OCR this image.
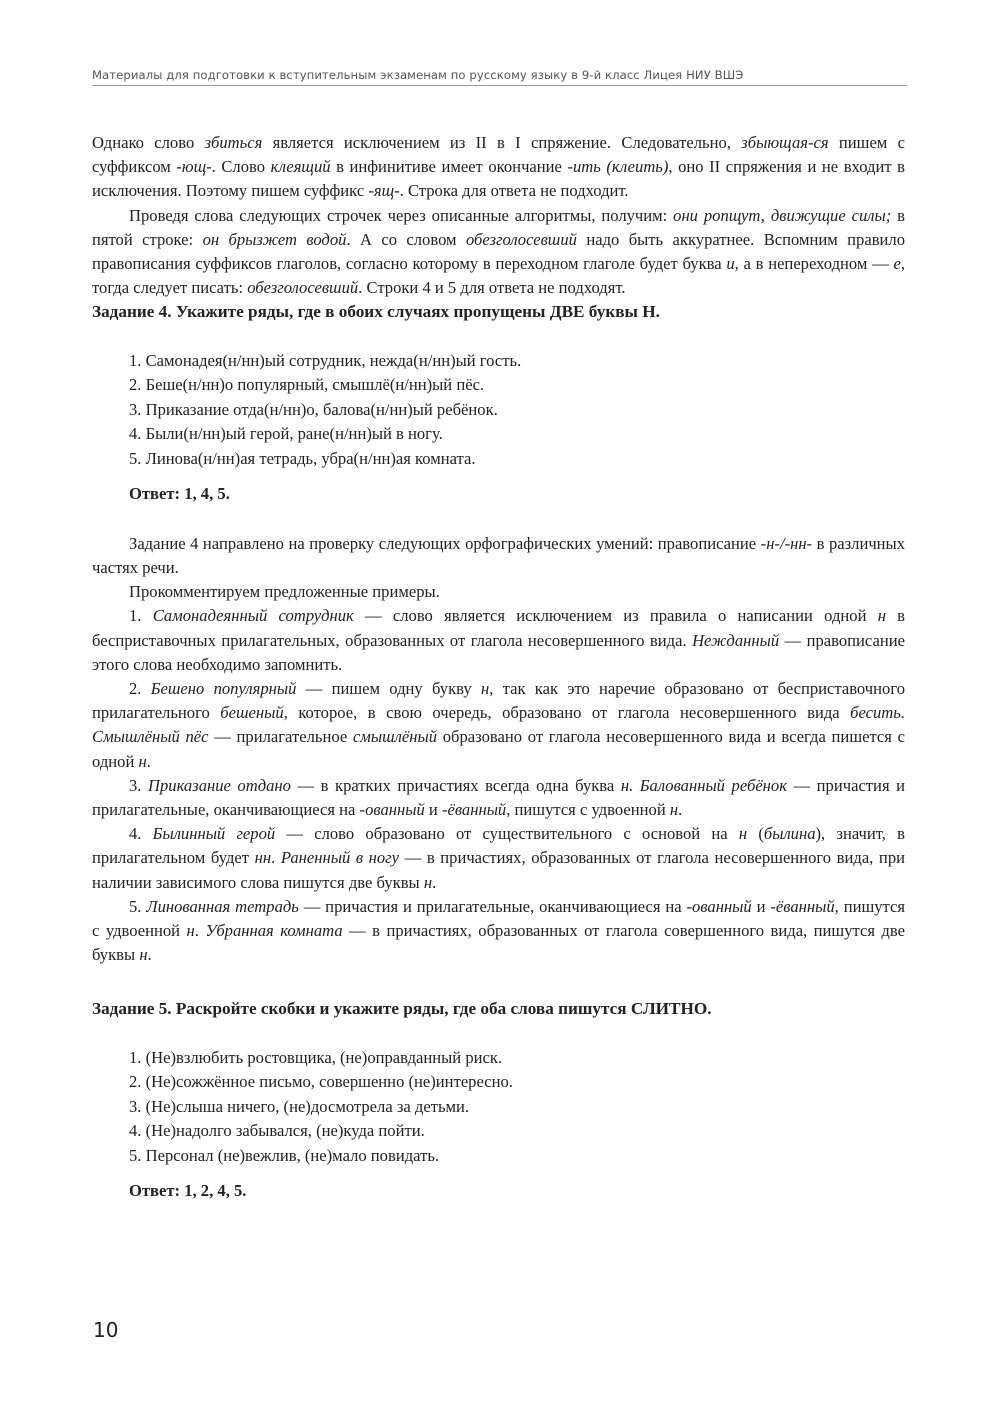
Материалы для подготовки к вступительным экзаменам по русскому языку в 9-й класс Лицея НИУ ВШЭ

Однако слово збиться является исключением из II в I спряжение. Следовательно, збыющая-ся пишем с суффиксом -ющ-. Слово клеящий в инфинитиве имеет окончание -ить (клеить), оно II спряжения и не входит в исключения. Поэтому пишем суффикс -ящ-. Строка для ответа не подходит.

Проведя слова следующих строчек через описанные алгоритмы, получим: они ропщут, движущие силы; в пятой строке: он брызжет водой. А со словом обезголосевший надо быть аккуратнее. Вспомним правило правописания суффиксов глаголов, согласно которому в переходном глаголе будет буква и, а в непереходном — е, тогда следует писать: обезголосевший. Строки 4 и 5 для ответа не подходят.

Задание 4. Укажите ряды, где в обоих случаях пропущены ДВЕ буквы Н.

1. Самонадея(н/нн)ый сотрудник, нежда(н/нн)ый гость.
2. Беше(н/нн)о популярный, смышлё(н/нн)ый пёс.
3. Приказание отда(н/нн)о, балова(н/нн)ый ребёнок.
4. Были(н/нн)ый герой, ране(н/нн)ый в ногу.
5. Линова(н/нн)ая тетрадь, убра(н/нн)ая комната.

Ответ: 1, 4, 5.

Задание 4 направлено на проверку следующих орфографических умений: правописание -н-/-нн- в различных частях речи.

Прокомментируем предложенные примеры.

1. Самонадеянный сотрудник — слово является исключением из правила о написании одной н в бесприставочных прилагательных, образованных от глагола несовершенного вида. Нежданный — правописание этого слова необходимо запомнить.

2. Бешено популярный — пишем одну букву н, так как это наречие образовано от бесприставочного прилагательного бешеный, которое, в свою очередь, образовано от глагола несовершенного вида бесить. Смышлёный пёс — прилагательное смышлёный образовано от глагола несовершенного вида и всегда пишется с одной н.

3. Приказание отдано — в кратких причастиях всегда одна буква н. Балованный ребёнок — причастия и прилагательные, оканчивающиеся на -ованный и -ёванный, пишутся с удвоенной н.

4. Былинный герой — слово образовано от существительного с основой на н (былина), значит, в прилагательном будет нн. Раненный в ногу — в причастиях, образованных от глагола несовершенного вида, при наличии зависимого слова пишутся две буквы н.

5. Линованная тетрадь — причастия и прилагательные, оканчивающиеся на -ованный и -ёванный, пишутся с удвоенной н. Убранная комната — в причастиях, образованных от глагола совершенного вида, пишутся две буквы н.

Задание 5. Раскройте скобки и укажите ряды, где оба слова пишутся СЛИТНО.

1. (Не)взлюбить ростовщика, (не)оправданный риск.
2. (Не)сожжённое письмо, совершенно (не)интересно.
3. (Не)слыша ничего, (не)досмотрела за детьми.
4. (Не)надолго забывался, (не)куда пойти.
5. Персонал (не)вежлив, (не)мало повидать.

Ответ: 1, 2, 4, 5.

10
